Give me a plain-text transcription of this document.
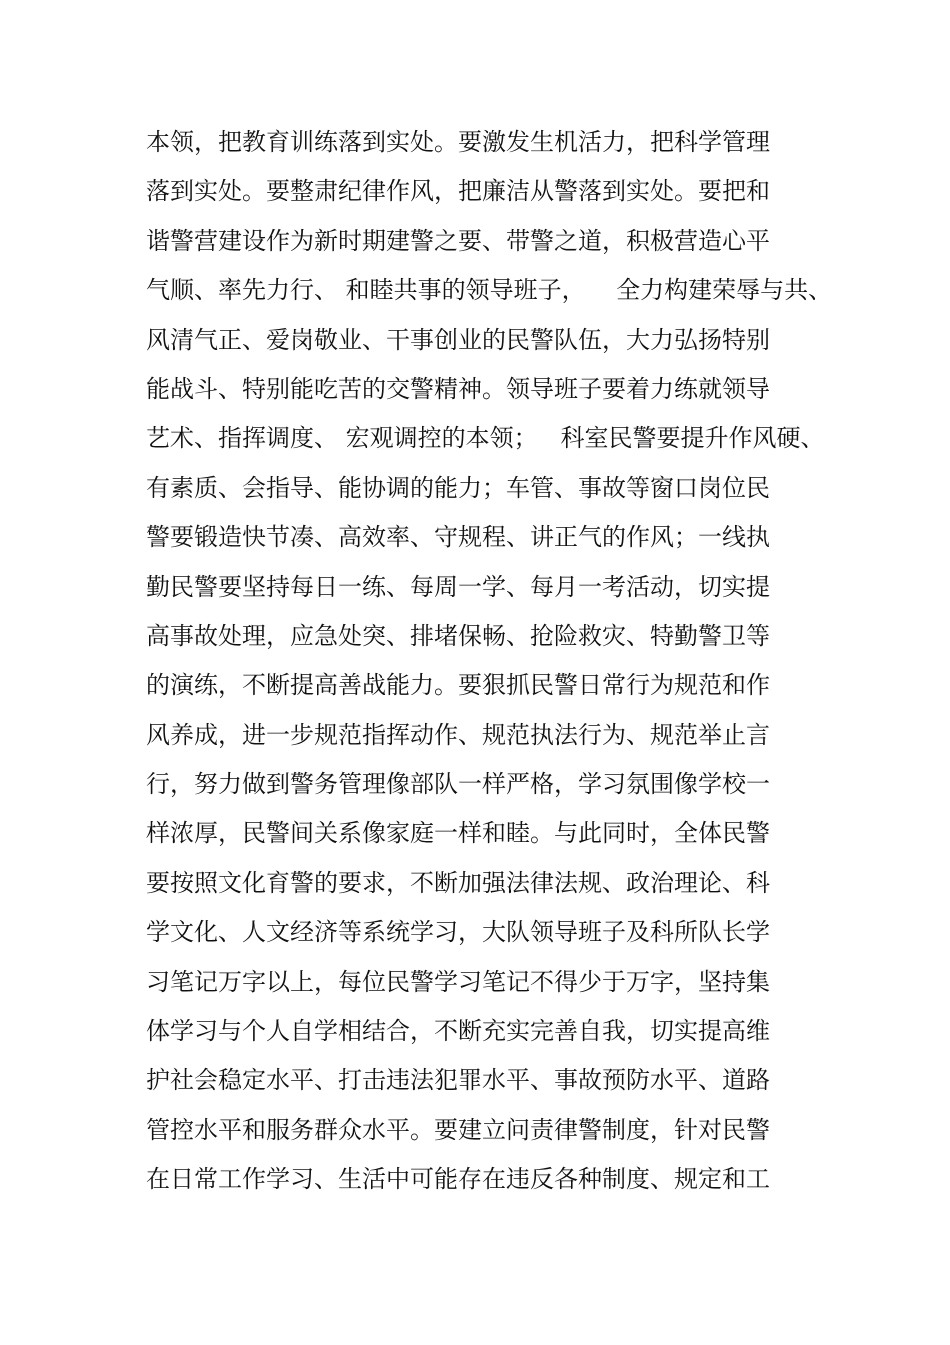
本领，把教育训练落到实处。要激发生机活力，把科学管理
落到实处。要整肃纪律作风，把廉洁从警落到实处。要把和
谐警营建设作为新时期建警之要、带警之道，积极营造心平
气顺、率先力行、 和睦共事的领导班子，    全力构建荣辱与共、
风清气正、爱岗敬业、干事创业的民警队伍，大力弘扬特别
能战斗、特别能吃苦的交警精神。领导班子要着力练就领导
艺术、指挥调度、 宏观调控的本领；   科室民警要提升作风硬、
有素质、会指导、能协调的能力；车管、事故等窗口岗位民
警要锻造快节凑、高效率、守规程、讲正气的作风；一线执
勤民警要坚持每日一练、每周一学、每月一考活动，切实提
高事故处理，应急处突、排堵保畅、抢险救灾、特勤警卫等
的演练，不断提高善战能力。要狠抓民警日常行为规范和作
风养成，进一步规范指挥动作、规范执法行为、规范举止言
行，努力做到警务管理像部队一样严格，学习氛围像学校一
样浓厚，民警间关系像家庭一样和睦。与此同时，全体民警
要按照文化育警的要求，不断加强法律法规、政治理论、科
学文化、人文经济等系统学习，大队领导班子及科所队长学
习笔记万字以上，每位民警学习笔记不得少于万字，坚持集
体学习与个人自学相结合，不断充实完善自我，切实提高维
护社会稳定水平、打击违法犯罪水平、事故预防水平、道路
管控水平和服务群众水平。要建立问责律警制度，针对民警
在日常工作学习、生活中可能存在违反各种制度、规定和工
